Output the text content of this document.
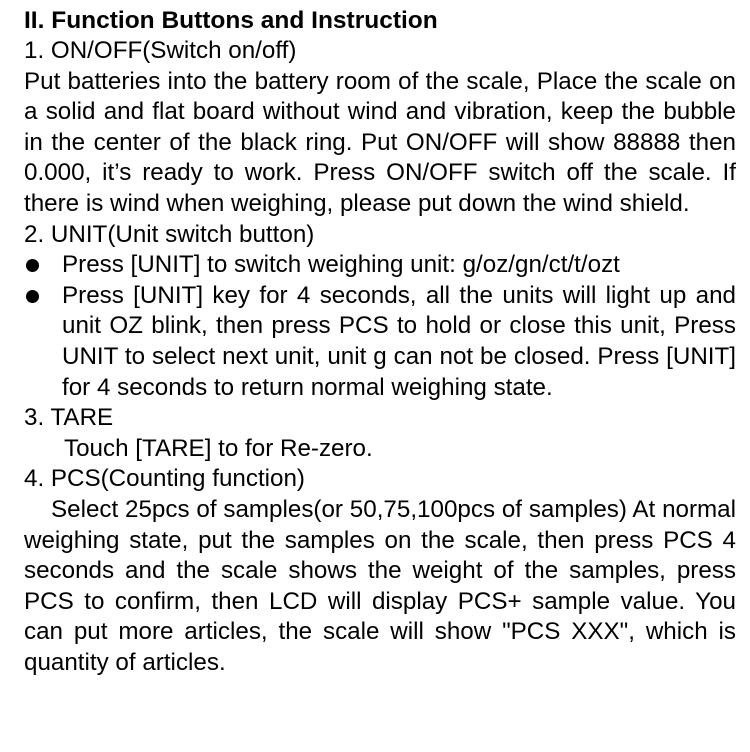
II. Function Buttons and Instruction

1. ON/OFF(Switch on/off)

Put batteries into the battery room of the scale, Place the scale on a solid and flat board without wind and vibration, keep the bubble in the center of the black ring. Put ON/OFF will show 88888 then 0.000, it’s ready to work. Press ON/OFF switch off the scale. If there is wind when weighing, please put down the wind shield.

2. UNIT(Unit switch button)

Press [UNIT] to switch weighing unit: g/oz/gn/ct/t/ozt
Press [UNIT] key for 4 seconds, all the units will light up and unit OZ blink, then press PCS to hold or close this unit, Press UNIT to select next unit, unit g can not be closed. Press [UNIT] for 4 seconds to return normal weighing state.

3. TARE

Touch [TARE] to for Re-zero.

4. PCS(Counting function)

Select 25pcs of samples(or 50,75,100pcs of samples) At normal weighing state, put the samples on the scale, then press PCS 4 seconds and the scale shows the weight of the samples, press PCS to confirm, then LCD will display PCS+ sample value. You can put more articles, the scale will show "PCS XXX", which is quantity of articles.
